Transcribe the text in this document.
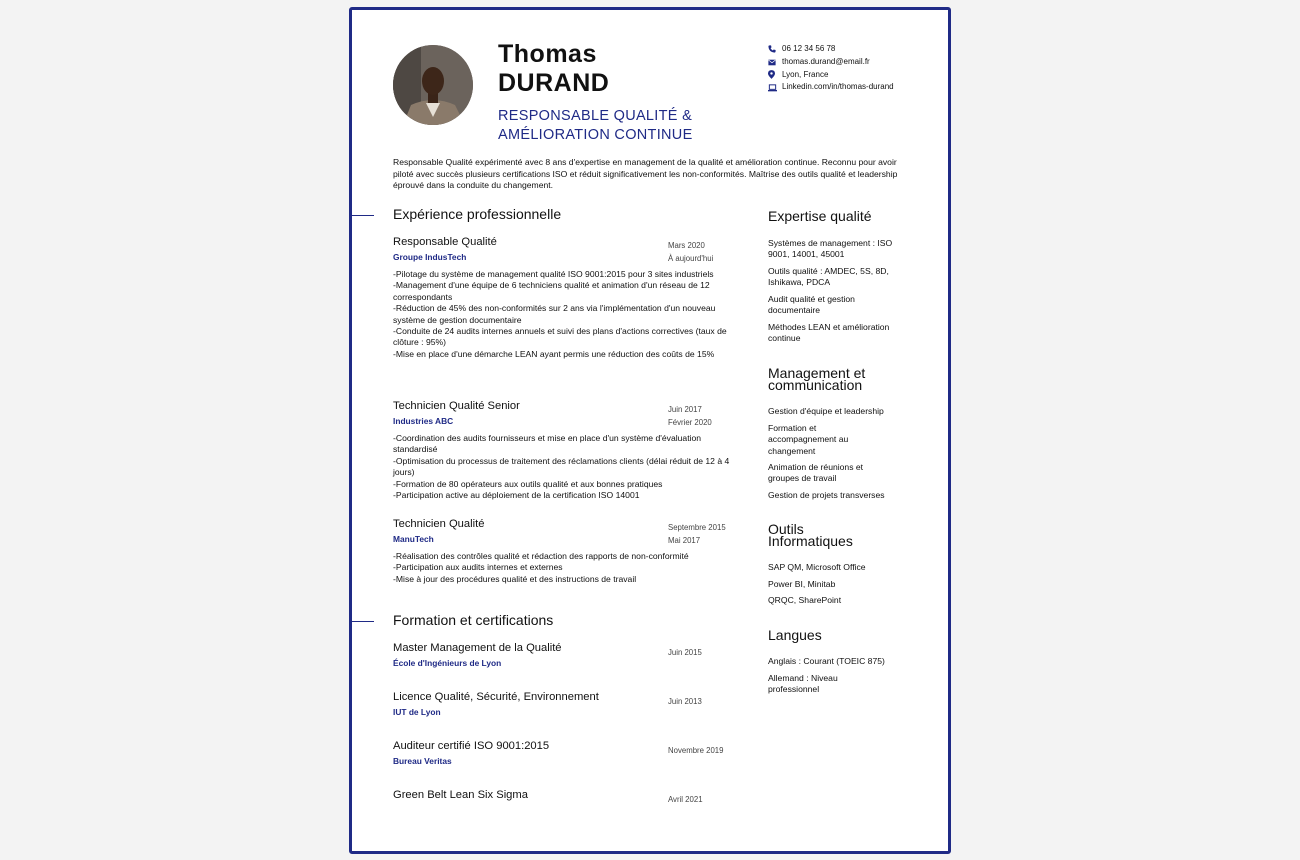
Thomas
DURAND
RESPONSABLE QUALITÉ &
AMÉLIORATION CONTINUE
06 12 34 56 78
thomas.durand@email.fr
Lyon, France
Linkedin.com/in/thomas-durand
Responsable Qualité expérimenté avec 8 ans d'expertise en management de la qualité et amélioration continue. Reconnu pour avoir piloté avec succès plusieurs certifications ISO et réduit significativement les non-conformités. Maîtrise des outils qualité et leadership éprouvé dans la conduite du changement.
Expérience professionnelle
Responsable Qualité
Groupe IndusTech
Mars 2020
À aujourd'hui
- Pilotage du système de management qualité ISO 9001:2015 pour 3 sites industriels
- Management d'une équipe de 6 techniciens qualité et animation d'un réseau de 12 correspondants
- Réduction de 45% des non-conformités sur 2 ans via l'implémentation d'un nouveau système de gestion documentaire
- Conduite de 24 audits internes annuels et suivi des plans d'actions correctives (taux de clôture : 95%)
- Mise en place d'une démarche LEAN ayant permis une réduction des coûts de 15%
Technicien Qualité Senior
Industries ABC
Juin 2017
Février 2020
- Coordination des audits fournisseurs et mise en place d'un système d'évaluation standardisé
- Optimisation du processus de traitement des réclamations clients (délai réduit de 12 à 4 jours)
- Formation de 80 opérateurs aux outils qualité et aux bonnes pratiques
- Participation active au déploiement de la certification ISO 14001
Technicien Qualité
ManuTech
Septembre 2015
Mai 2017
- Réalisation des contrôles qualité et rédaction des rapports de non-conformité
- Participation aux audits internes et externes
- Mise à jour des procédures qualité et des instructions de travail
Formation et certifications
Master Management de la Qualité
École d'Ingénieurs de Lyon
Juin 2015
Licence Qualité, Sécurité, Environnement
IUT de Lyon
Juin 2013
Auditeur certifié ISO 9001:2015
Bureau Veritas
Novembre 2019
Green Belt Lean Six Sigma	Avril 2021
Expertise qualité
Systèmes de management : ISO 9001, 14001, 45001
Outils qualité : AMDEC, 5S, 8D, Ishikawa, PDCA
Audit qualité et gestion documentaire
Méthodes LEAN et amélioration continue
Management et
communication
Gestion d'équipe et leadership
Formation et accompagnement au changement
Animation de réunions et groupes de travail
Gestion de projets transverses
Outils
Informatiques
SAP QM, Microsoft Office
Power BI, Minitab
QRQC, SharePoint
Langues
Anglais : Courant (TOEIC 875)
Allemand : Niveau professionnel
